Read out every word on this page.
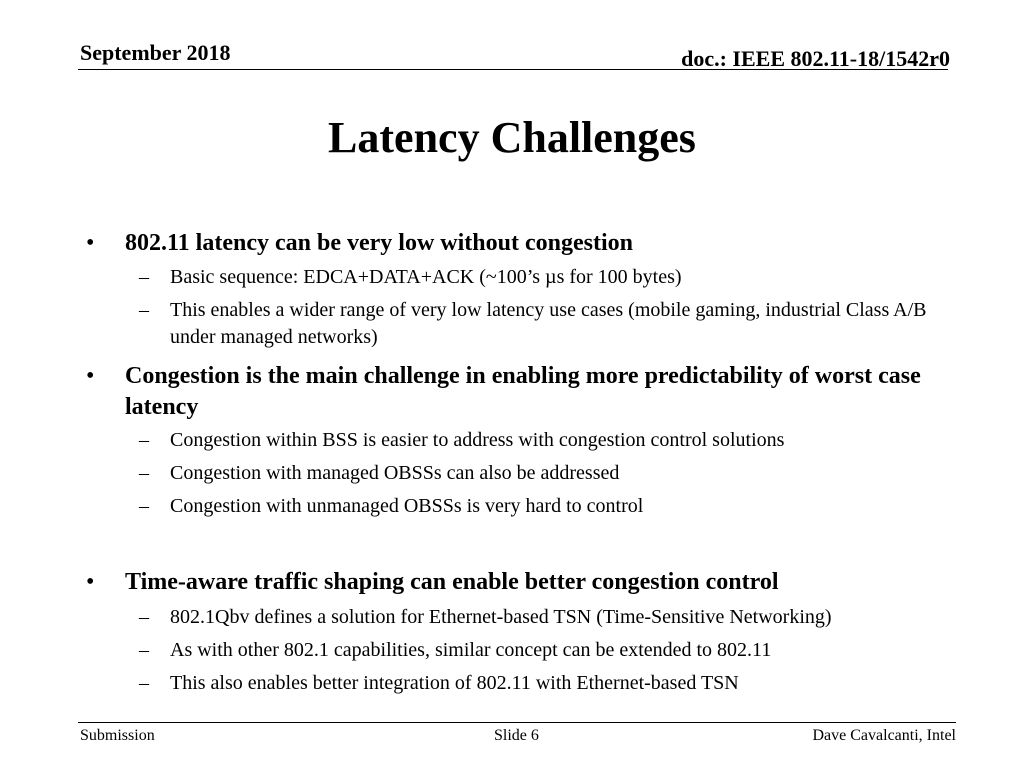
September 2018	doc.: IEEE 802.11-18/1542r0
Latency Challenges
• 802.11 latency can be very low without congestion
– Basic sequence: EDCA+DATA+ACK (~100’s µs for 100 bytes)
– This enables a wider range of very low latency use cases (mobile gaming, industrial Class A/B under managed networks)
• Congestion is the main challenge in enabling more predictability of worst case latency
– Congestion within BSS is easier to address with congestion control solutions
– Congestion with managed OBSSs can also be addressed
– Congestion with unmanaged OBSSs is very hard to control
• Time-aware traffic shaping can enable better congestion control
– 802.1Qbv defines a solution for Ethernet-based TSN (Time-Sensitive Networking)
– As with other 802.1 capabilities, similar concept can be extended to 802.11
– This also enables better integration of 802.11 with Ethernet-based TSN
Submission	Slide 6	Dave Cavalcanti, Intel
